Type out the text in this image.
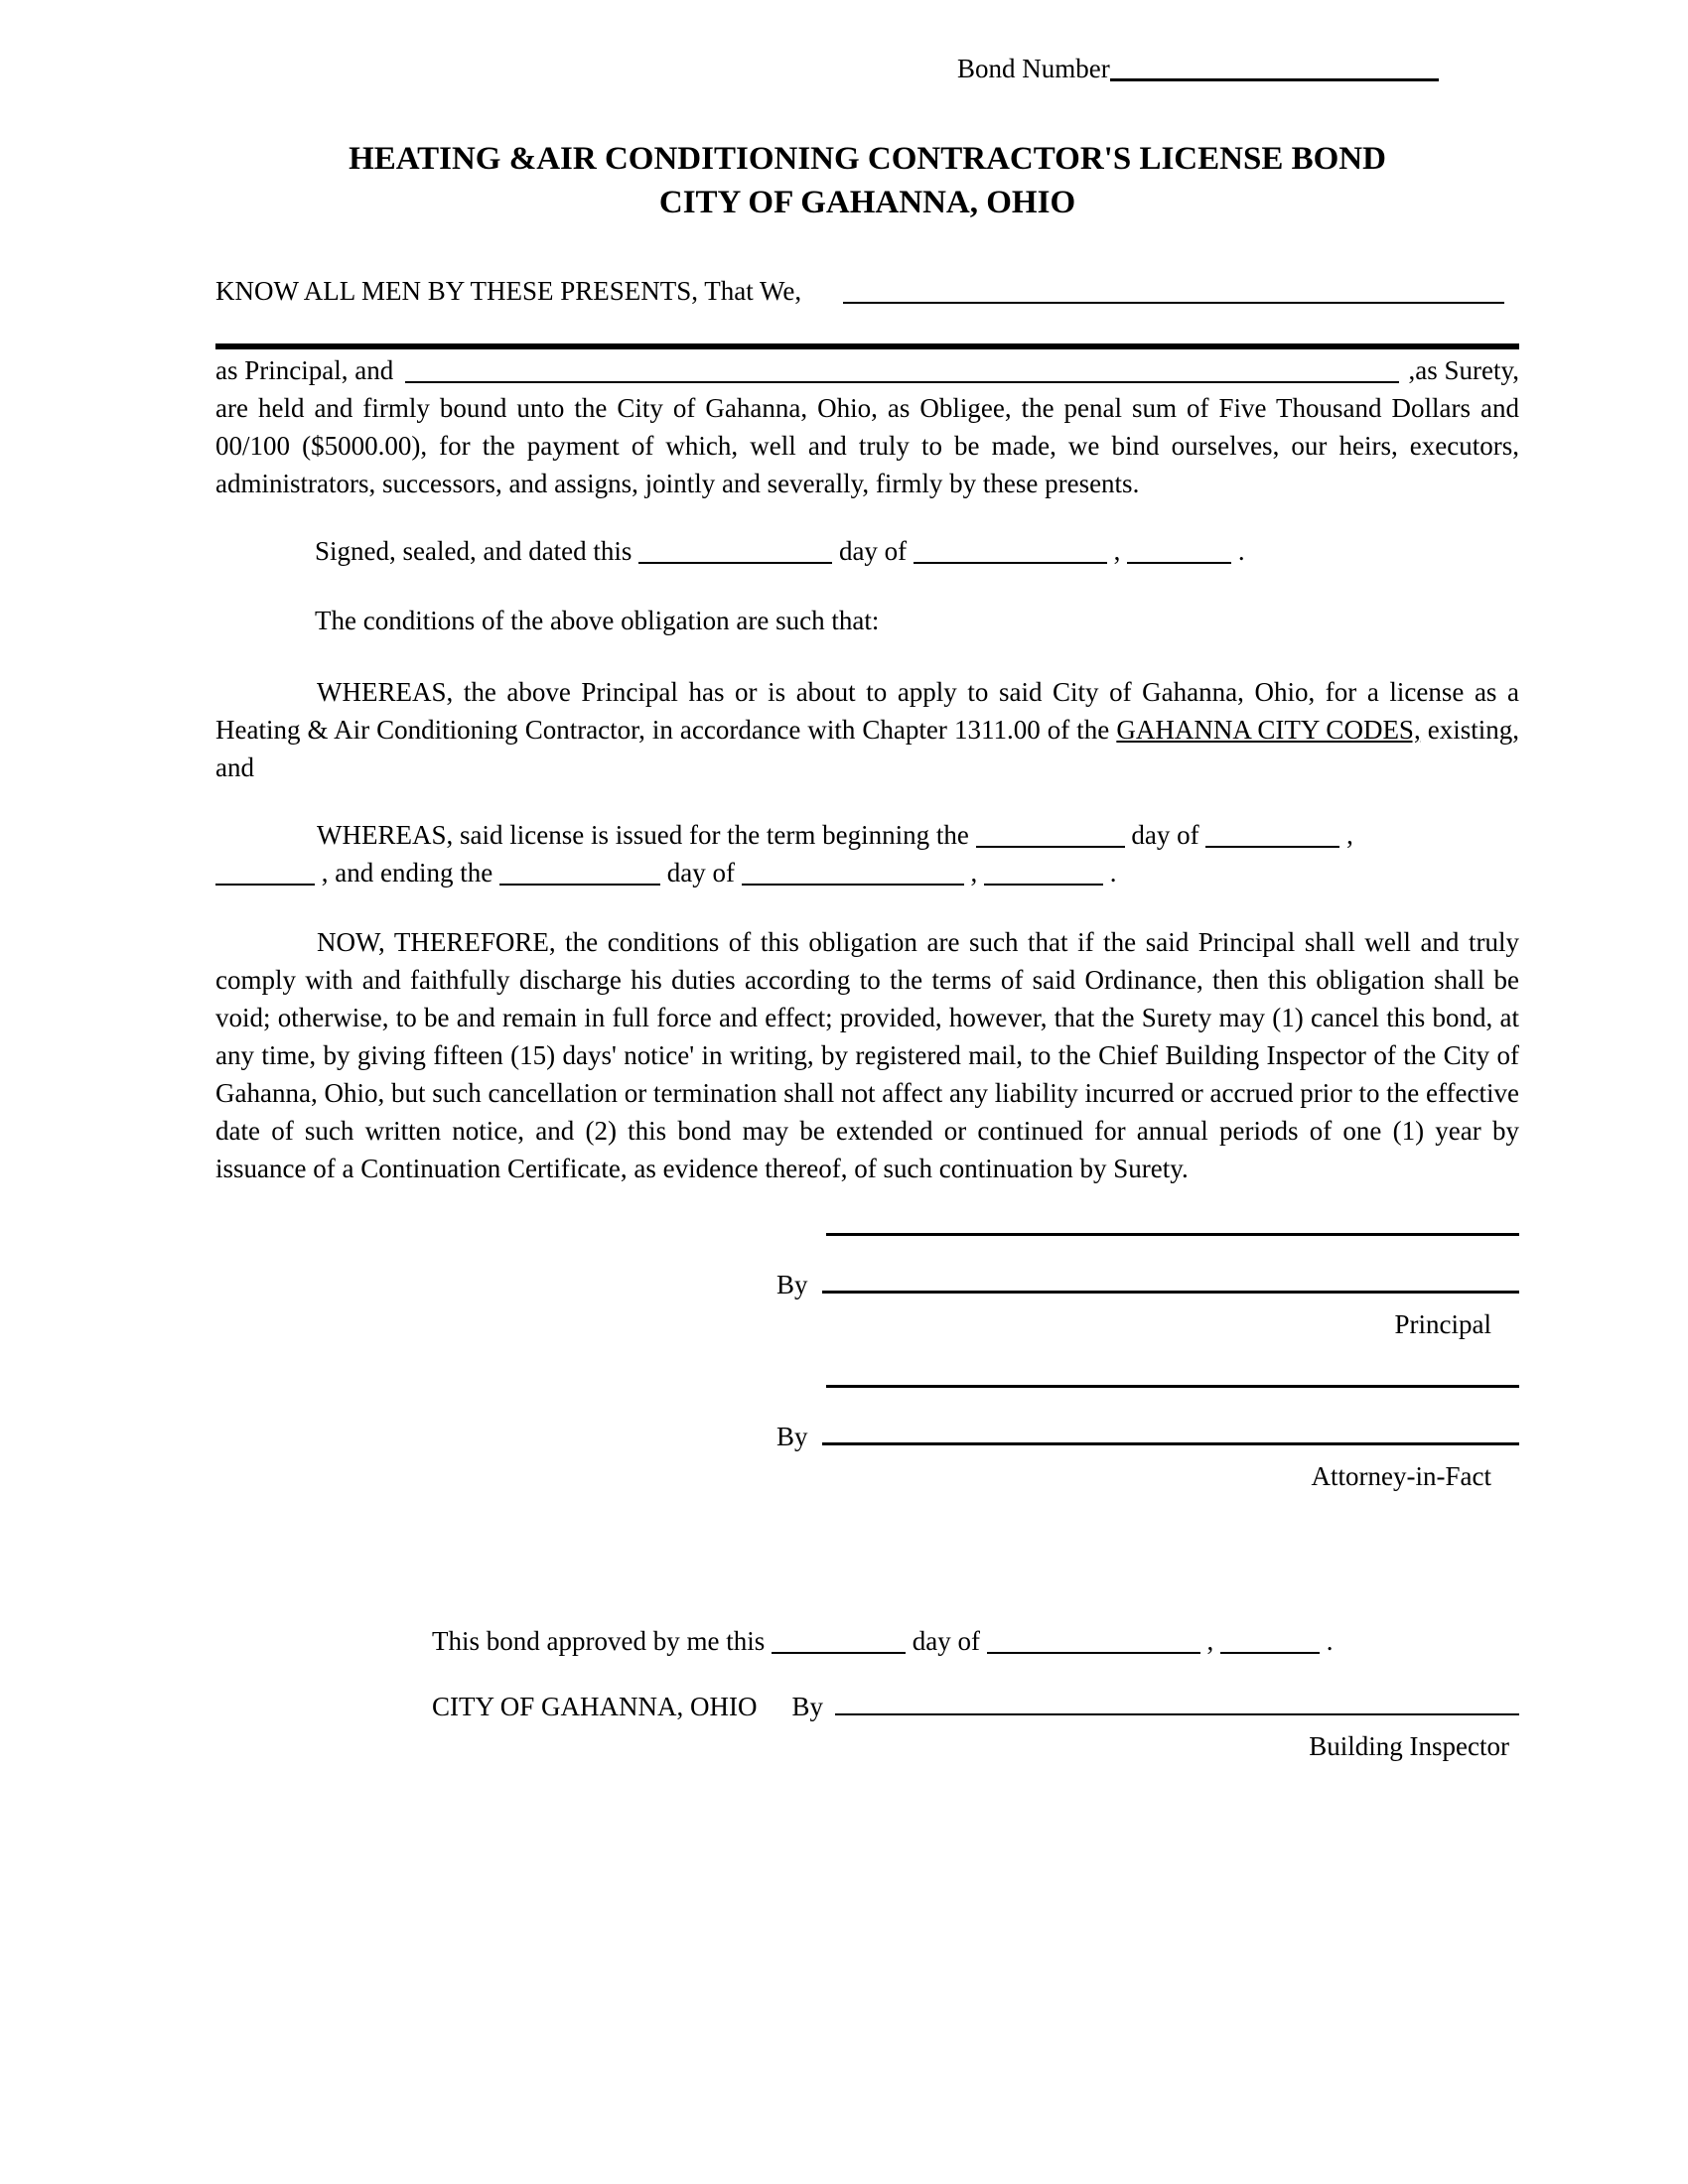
Bond Number
HEATING &AIR CONDITIONING CONTRACTOR'S LICENSE BOND
CITY OF GAHANNA, OHIO
KNOW ALL MEN BY THESE PRESENTS, That We,
as Principal, and	,as Surety,

are held and firmly bound unto the City of Gahanna, Ohio, as Obligee, the penal sum of Five Thousand Dollars and 00/100 ($5000.00), for the payment of which, well and truly to be made, we bind ourselves, our heirs, executors, administrators, successors, and assigns, jointly and severally, firmly by these presents.

Signed, sealed, and dated this	day of	,	.
The conditions of the above obligation are such that:

WHEREAS, the above Principal has or is about to apply to said City of Gahanna, Ohio, for a license as a Heating & Air Conditioning Contractor, in accordance with Chapter 1311.00 of the GAHANNA CITY CODES, existing, and

WHEREAS, said license is issued for the term beginning the	day of	,
, and ending the	day of	,	.

NOW, THEREFORE, the conditions of this obligation are such that if the said Principal shall well and truly comply with and faithfully discharge his duties according to the terms of said Ordinance, then this obligation shall be void; otherwise, to be and remain in full force and effect; provided, however, that the Surety may (1) cancel this bond, at any time, by giving fifteen (15) days' notice' in writing, by registered mail, to the Chief Building Inspector of the City of Gahanna, Ohio, but such cancellation or termination shall not affect any liability incurred or accrued prior to the effective date of such written notice, and (2) this bond may be extended or continued for annual periods of one (1) year by issuance of a Continuation Certificate, as evidence thereof, of such continuation by Surety.

By
Principal
By
Attorney-in-Fact
This bond approved by me this	day of	,	.
CITY OF GAHANNA, OHIO By
Building Inspector
